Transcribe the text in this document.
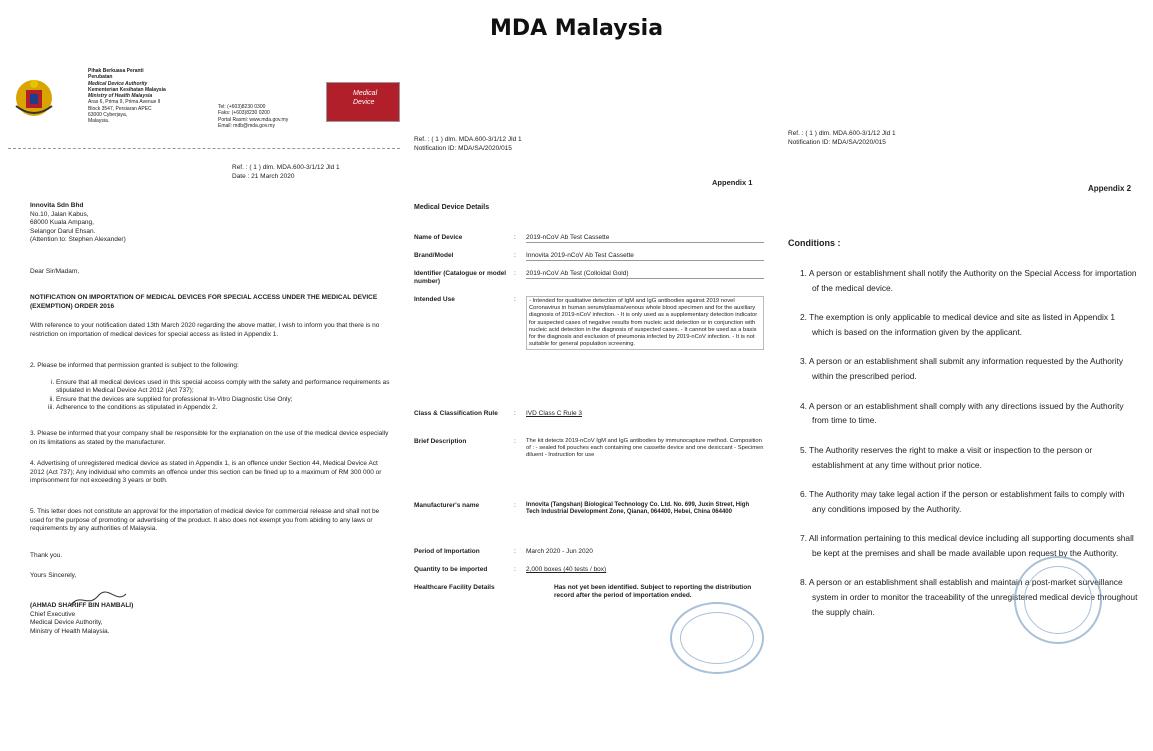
MDA Malaysia
Pihak Berkuasa Peranti
Perubatan
Medical Device Authority
Kementerian Kesihatan Malaysia
Ministry of Health Malaysia
Aras 6, Prima 9, Prima Avenue II
Block 3547, Persiaran APEC
63000 Cyberjaya,
Malaysia.
Tel: (+603)8230 0300
Faks: (+603)8230 0200
Portal Rasmi: www.mda.gov.my
Email: mdb@mda.gov.my
Medical Device
Ref. : ( 1 ) dlm. MDA.600-3/1/12 Jld 1
Date : 21 March 2020
Innovita Sdn Bhd
No.10, Jalan Kabus,
68000 Kuala Ampang,
Selangor Darul Ehsan.
(Attention to: Stephen Alexander)
Dear Sir/Madam,
NOTIFICATION ON IMPORTATION OF MEDICAL DEVICES FOR SPECIAL ACCESS UNDER THE MEDICAL DEVICE (EXEMPTION) ORDER 2016
With reference to your notification dated 13th March 2020 regarding the above matter, I wish to inform you that there is no restriction on importation of medical devices for special access as listed in Appendix 1.
2. Please be informed that permission granted is subject to the following:
i. Ensure that all medical devices used in this special access comply with the safety and performance requirements as stipulated in Medical Device Act 2012 (Act 737);
ii. Ensure that the devices are supplied for professional In-Vitro Diagnostic Use Only;
iii. Adherence to the conditions as stipulated in Appendix 2.
3. Please be informed that your company shall be responsible for the explanation on the use of the medical device especially on its limitations as stated by the manufacturer.
4. Advertising of unregistered medical device as stated in Appendix 1, is an offence under Section 44, Medical Device Act 2012 (Act 737); Any individual who commits an offence under this section can be fined up to a maximum of RM 300 000 or imprisonment for not exceeding 3 years or both.
5. This letter does not constitute an approval for the importation of medical device for commercial release and shall not be used for the purpose of promoting or advertising of the product. It also does not exempt you from abiding to any laws or requirements by any authorities of Malaysia.
Thank you.
Yours Sincerely,
(AHMAD SHARIFF BIN HAMBALI)
Chief Executive
Medical Device Authority,
Ministry of Health Malaysia.
Ref. : ( 1 ) dlm. MDA.600-3/1/12 Jld 1
Notification ID: MDA/SA/2020/015
Appendix 1
Medical Device Details
Name of Device	: 2019-nCoV Ab Test Cassette
Brand/Model	: Innovita 2019-nCoV Ab Test Cassette
Identifier (Catalogue or model number)
: 2019-nCoV Ab Test (Colloidal Gold)
Intended Use	:	- Intended for qualitative detection of IgM and IgG antibodies against 2019 novel Coronavirus in human serum/plasma/venous whole blood specimen and for the auxiliary diagnosis of 2019-nCoV infection. - It is only used as a supplementary detection indicator for suspected cases of negative results from nucleic acid detection or in conjunction with nucleic acid detection in the diagnosis of suspected cases. - It cannot be used as a basis for the diagnosis and exclusion of pneumonia infected by 2019-nCoV infection. - It is not suitable for general population screening.
Class & Classification Rule	: IVD Class C Rule 3
Brief Description	: The kit detects 2019-nCoV IgM and IgG antibodies by immunocapture method. Composition of : - sealed foil pouches each containing one cassette device and one desiccant - Specimen diluent - Instruction for use
Manufacturer's name	: Innovita (Tangshan) Biological Technology Co. Ltd. No. 699, Juxin Street, High Tech Industrial Development Zone, Qianan, 064400, Hebei, China 064400
Period of Importation	: March 2020 - Jun 2020
Quantity to be imported	: 2,000 boxes (40 tests / box)
Healthcare Facility Details	Has not yet been identified. Subject to reporting the distribution record after the period of importation ended.
Ref. : ( 1 ) dlm. MDA.600-3/1/12 Jld 1
Notification ID: MDA/SA/2020/015
Appendix 2
Conditions :
1. A person or establishment shall notify the Authority on the Special Access for importation of the medical device.
2. The exemption is only applicable to medical device and site as listed in Appendix 1 which is based on the information given by the applicant.
3. A person or an establishment shall submit any information requested by the Authority within the prescribed period.
4. A person or an establishment shall comply with any directions issued by the Authority from time to time.
5. The Authority reserves the right to make a visit or inspection to the person or establishment at any time without prior notice.
6. The Authority may take legal action if the person or establishment fails to comply with any conditions imposed by the Authority.
7. All information pertaining to this medical device including all supporting documents shall be kept at the premises and shall be made available upon request by the Authority.
8. A person or an establishment shall establish and maintain a post-market surveillance system in order to monitor the traceability of the unregistered medical device throughout the supply chain.
